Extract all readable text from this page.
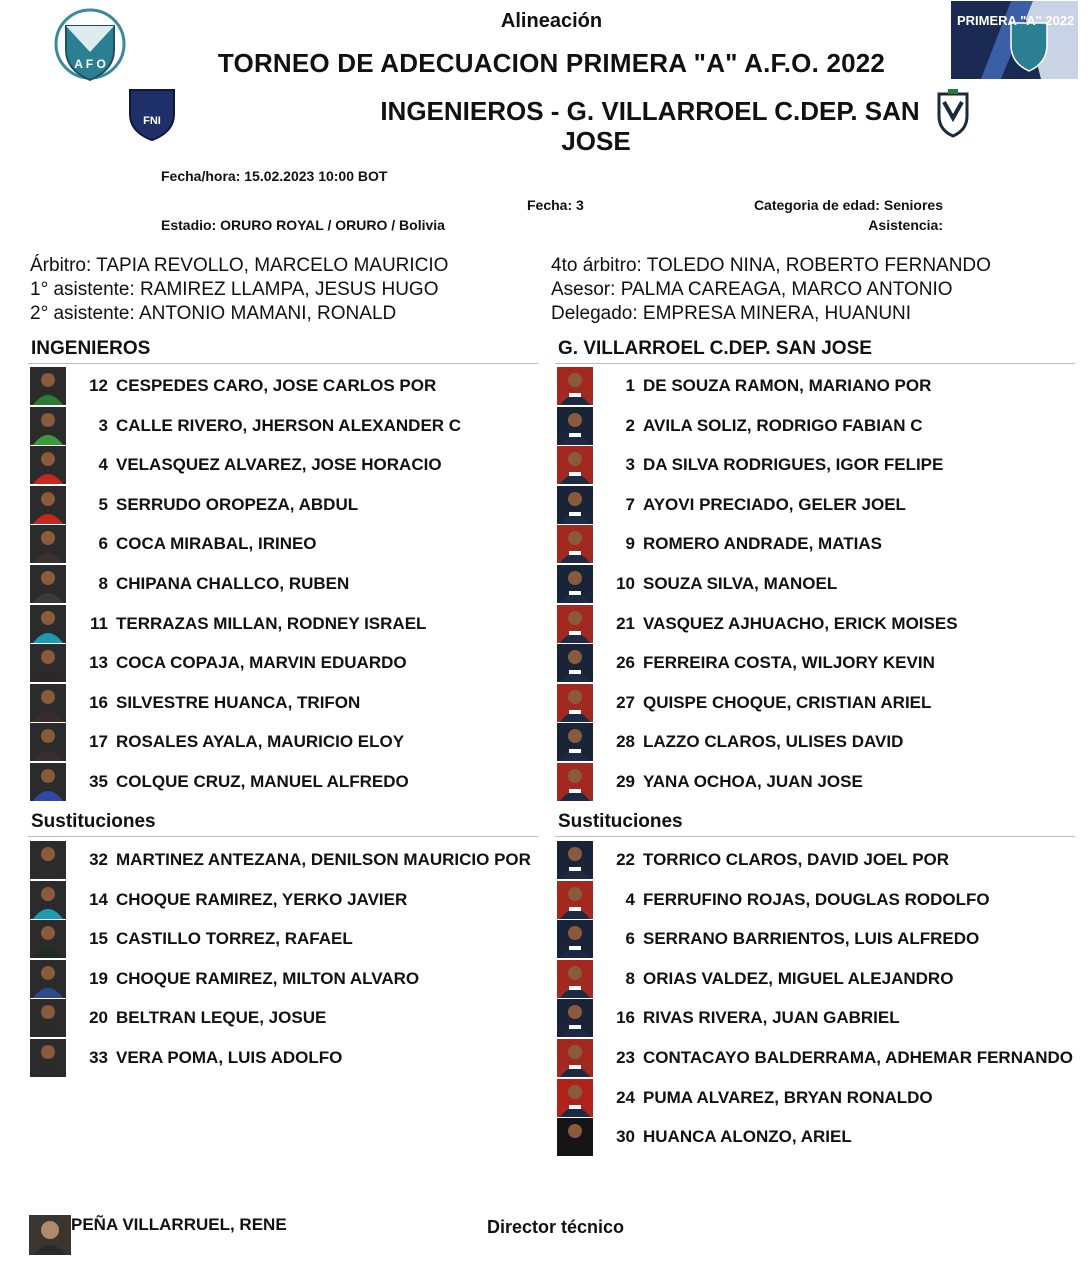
A F O
FNI
PRIMERA "A" 2022
Alineación
TORNEO DE ADECUACION PRIMERA "A" A.F.O. 2022
INGENIEROS - G. VILLARROEL C.DEP. SAN
JOSE
Fecha/hora: 15.02.2023 10:00 BOT
Fecha: 3	Categoria de edad: Seniores
Estadio: ORURO ROYAL / ORURO / Bolivia	Asistencia:
Árbitro: TAPIA REVOLLO, MARCELO MAURICIO
1° asistente: RAMIREZ LLAMPA, JESUS HUGO
2° asistente: ANTONIO MAMANI, RONALD
4to árbitro: TOLEDO NINA, ROBERTO FERNANDO
Asesor: PALMA CAREAGA, MARCO ANTONIO
Delegado: EMPRESA MINERA, HUANUNI
INGENIEROS	G. VILLARROEL C.DEP. SAN JOSE
Sustituciones	Sustituciones
12 CESPEDES CARO, JOSE CARLOS POR
3 CALLE RIVERO, JHERSON ALEXANDER C
4 VELASQUEZ ALVAREZ, JOSE HORACIO
5 SERRUDO OROPEZA, ABDUL
6 COCA MIRABAL, IRINEO
8 CHIPANA CHALLCO, RUBEN
11 TERRAZAS MILLAN, RODNEY ISRAEL
13 COCA COPAJA, MARVIN EDUARDO
16 SILVESTRE HUANCA, TRIFON
17 ROSALES AYALA, MAURICIO ELOY
35 COLQUE CRUZ, MANUEL ALFREDO
1 DE SOUZA RAMON, MARIANO POR
2 AVILA SOLIZ, RODRIGO FABIAN C
3 DA SILVA RODRIGUES, IGOR FELIPE
7 AYOVI PRECIADO, GELER JOEL
9 ROMERO ANDRADE, MATIAS
10 SOUZA SILVA, MANOEL
21 VASQUEZ AJHUACHO, ERICK MOISES
26 FERREIRA COSTA, WILJORY KEVIN
27 QUISPE CHOQUE, CRISTIAN ARIEL
28 LAZZO CLAROS, ULISES DAVID
29 YANA OCHOA, JUAN JOSE
32 MARTINEZ ANTEZANA, DENILSON MAURICIO POR
14 CHOQUE RAMIREZ, YERKO JAVIER
15 CASTILLO TORREZ, RAFAEL
19 CHOQUE RAMIREZ, MILTON ALVARO
20 BELTRAN LEQUE, JOSUE
33 VERA POMA, LUIS ADOLFO
22 TORRICO CLAROS, DAVID JOEL POR
4 FERRUFINO ROJAS, DOUGLAS RODOLFO
6 SERRANO BARRIENTOS, LUIS ALFREDO
8 ORIAS VALDEZ, MIGUEL ALEJANDRO
16 RIVAS RIVERA, JUAN GABRIEL
23 CONTACAYO BALDERRAMA, ADHEMAR FERNANDO
24 PUMA ALVAREZ, BRYAN RONALDO
30 HUANCA ALONZO, ARIEL
PEÑA VILLARRUEL, RENE	Director técnico
